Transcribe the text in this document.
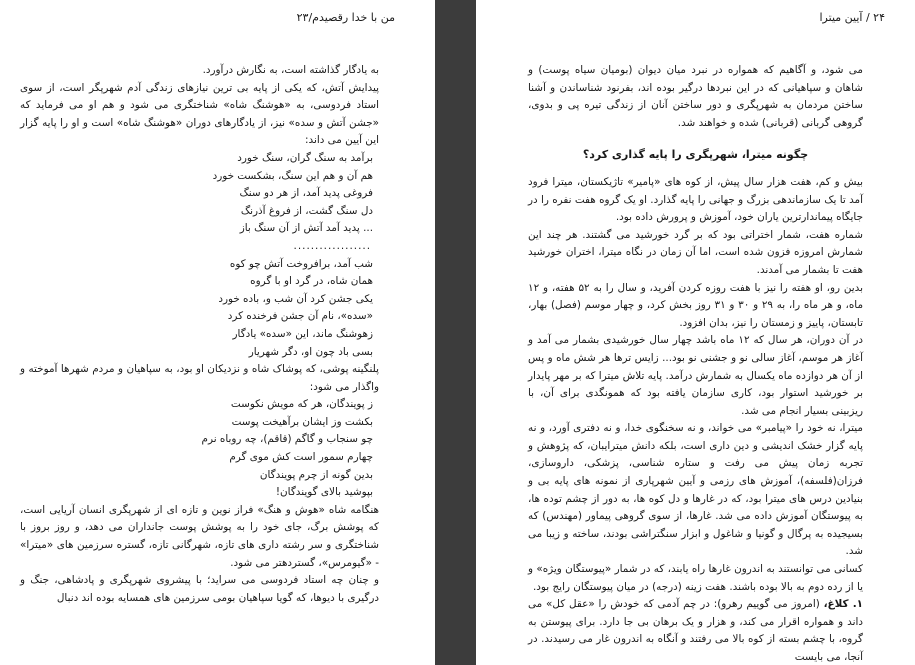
من با خدا رقصیدم/۲۳

به یادگار گذاشته است، به نگارش درآورد.

پیدایش آتش، که یکی از پایه بی ترین نیازهای زندگی آدم شهرپگر است، از سوی استاد فردوسی، به «هوشنگ شاه» شناختگری می شود و هم او می فرماید که «جشن آتش و سده» نیز، از یادگارهای دوران «هوشنگ شاه» است و او را پایه گزار این آیین می داند:

برآمد به سنگ گران، سنگ خورد
هم آن و هم این سنگ، بشکست خورد
فروغی پدید آمد، از هر دو سنگ
دل سنگ گشت، از فروغ آذرنگ
... پدید آمد آتش از آن سنگ باز
..................
شب آمد، برافروخت آتش چو کوه
همان شاه، در گرد او با گروه
یکی جشن کرد آن شب و، باده خورد
«سده»، نام آن جشن فرخنده کرد
زهوشنگ ماند، این «سده» یادگار
بسی باد چون او، دگر شهریار

پلنگینه پوشی، که پوشاک شاه و نزدیکان او بود، به سپاهیان و مردم شهرها آموخته و واگذار می شود:

ز پویندگان، هر که مویش نکوست
بکشت وز ایشان برآهیخت پوست
چو سنجاب و گاگم (قاقم)، چه روباه نرم
چهارم سمور است کش موی گرم
بدین گونه از چرم پویندگان
بپوشید بالای گویندگان!

هنگامه شاه «هوش و هنگ» فراز نوین و تازه ای از شهرپگری انسان آریایی است، که پوشش برگ، جای خود را به پوشش پوست جانداران می دهد، و روز بروز با شناختگری و سر رشته داری های تازه، شهرگانی تازه، گستره سرزمین های «میترا» - «گیومرس»، گستردهتر می شود.

و چنان چه استاد فردوسی می سراید؛ با پیشروی شهرپگری و پادشاهی، جنگ و درگیری با دیوها، که گویا سپاهیان بومی سرزمین های همسایه بوده اند دنبال

۲۴ / آیین میترا

می شود، و آگاهیم که همواره در نبرد میان دیوان (بومیان سیاه پوست) و شاهان و سپاهیانی که در این نبردها درگیر بوده اند، بفرنود شناساندن و آشنا ساختن مردمان به شهرپگری و دور ساختن آنان از زندگی تیره پی و بدوی، گروهی گربانی (قربانی) شده و خواهند شد.

چگونه میترا، شهرپگری را پایه گذاری کرد؟

بیش و کم، هفت هزار سال پیش، از کوه های «پامیر» تاژیکستان، میترا فرود آمد تا یک سازماندهی بزرگ و جهانی را پایه گذارد. او یک گروه هفت نفره را در جایگاه پیماندارترین یاران خود، آموزش و پرورش داده بود.

شماره هفت، شمار اختراتی بود که بر گرد خورشید می گشتند. هر چند این شمارش امروزه فزون شده است، اما آن زمان در نگاه میترا، اختران خورشید هفت تا بشمار می آمدند.

بدین رو، او هفته را نیز با هفت روزه کردن آفرید، و سال را به ۵۲ هفته، و ۱۲ ماه، و هر ماه را، به ۲۹ و ۳۰ و ۳۱ روز بخش کرد، و چهار موسم (فصل) بهار، تابستان، پاییز و زمستان را نیز، بدان افزود.

در آن دوران، هر سال که ۱۲ ماه باشد چهار سال خورشیدی بشمار می آمد و آغاز هر موسم، آغاز سالی نو و جشنی نو بود... زایس ترها هر شش ماه و پس از آن هر دوازده ماه یکسال به شمارش درآمد. پایه تلاش میترا که بر مهر پایدار بر خورشید استوار بود، کاری سازمان یافته بود که همونگدی برای آن، با ریزبینی بسیار انجام می شد.

میترا، نه خود را «پیامبر» می خواند، و نه سخنگوی خدا، و نه دفتری آورد، و نه پایه گزار خشک اندیشی و دین داری است، بلکه دانش میترایبان، که پژوهش و تجربه زمان پیش می رفت و ستاره شناسی، پزشکی، داروسازی، فرزان(فلسفه)، آموزش های رزمی و آیین شهرپاری از نمونه های پایه بی و بنیادین درس های میترا بود، که در غارها و دل کوه ها، به دور از چشم توده ها، به پیوستگان آموزش داده می شد. غارها، از سوی گروهی پیماور (مهندس) که بسیجیده به پرگال و گونیا و شاغول و ابزار سنگتراشی بودند، ساخته و زیبا می شد.

کسانی می توانستند به اندرون غارها راه یابند، که در شمار «پیوستگان ویژه» و یا از رده دوم به بالا بوده باشند. هفت زینه (درجه) در میان پیوستگان رایج بود.

۱. کلاغ، (امروز می گوییم رهرو): در چم آدمی که خودش را «عقل کل» می داند و همواره اقرار می کند، و هزار و یک برهان بی جا دارد. برای پیوستن به گروه، با چشم بسته از کوه بالا می رفتند و آنگاه به اندرون غار می رسیدند. در آنجا، می بایست
